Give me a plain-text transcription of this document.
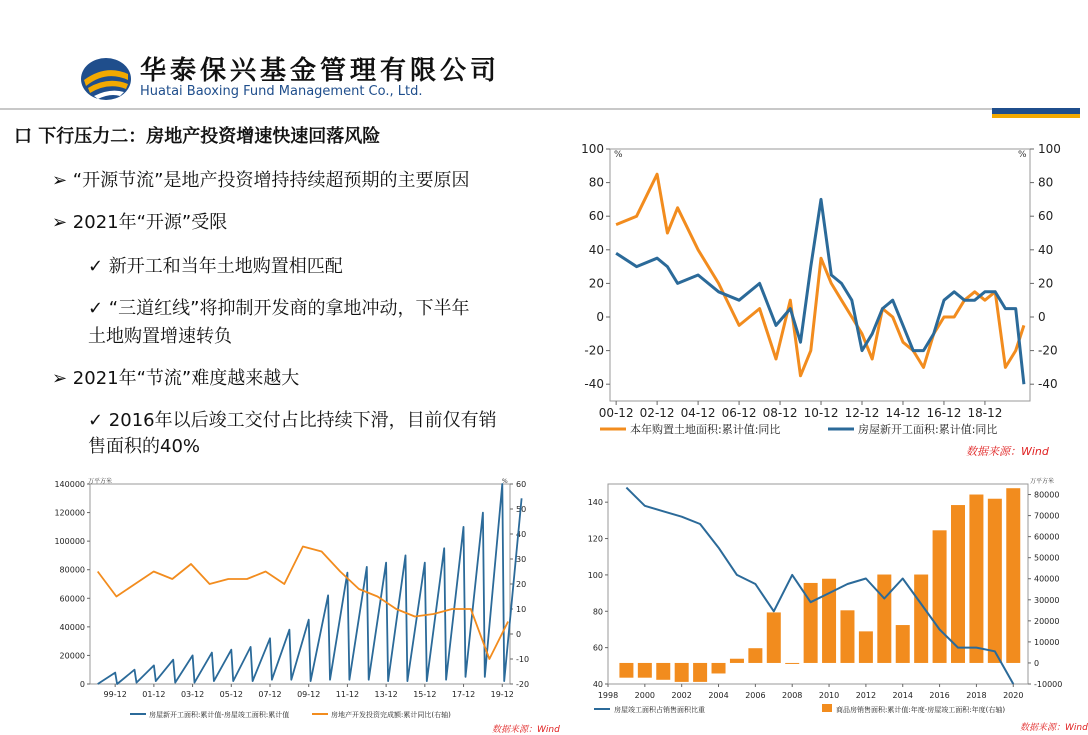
华泰保兴基金管理有限公司
Huatai Baoxing Fund Management Co., Ltd.
口 下行压力二：房地产投资增速快速回落风险
➢ “开源节流”是地产投资增持持续超预期的主要原因
➢ 2021年“开源”受限
✓ 新开工和当年土地购置相匹配
✓ “三道红线”将抑制开发商的拿地冲动，下半年
土地购置增速转负
➢ 2021年“节流”难度越来越大
✓ 2016年以后竣工交付占比持续下滑，目前仅有销
售面积的40%
100
80
60
40
20
0
-20
-40
%	100
80
60
40
20
0
-20
-40
%
00-12 02-12 04-12 06-12 08-12 10-12 12-12 14-12 16-12 18-12
本年购置土地面积:累计值:同比	房屋新开工面积:累计值:同比
数据来源：Wind
140000
120000
100000
80000
60000
40000
20000
0
万平方米	60
50
40
30
20
10
0
-10
-20
%
99-12 01-12 03-12 05-12 07-12 09-12 11-12 13-12 15-12 17-12 19-12
房屋新开工面积:累计值-房屋竣工面积:累计值	房地产开发投资完成额:累计同比(右轴)
数据来源：Wind
140
120
100
80
60
40
80000
70000
60000
50000
40000
30000
20000
10000
0
-10000
万平方米
1998 2000 2002 2004 2006 2008 2010 2012 2014 2016 2018 2020
房屋竣工面积占销售面积比重	商品房销售面积:累计值:年度-房屋竣工面积:年度(右轴)
数据来源：Wind
